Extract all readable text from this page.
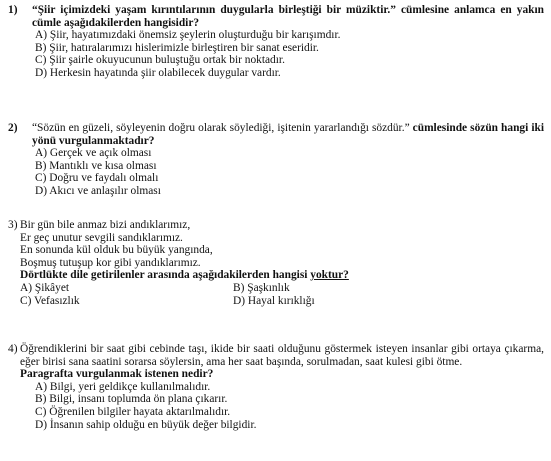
1)	“Şiir içimizdeki yaşam kırıntılarının duygularla birleştiği bir müziktir.” cümlesine anlamca en yakın cümle aşağıdakilerden hangisidir?
A) Şiir, hayatımızdaki önemsiz şeylerin oluşturduğu bir karışımdır.
B) Şiir, hatıralarımızı hislerimizle birleştiren bir sanat eseridir.
C) Şiir şairle okuyucunun buluştuğu ortak bir noktadır.
D) Herkesin hayatında şiir olabilecek duygular vardır.
2)	“Sözün en güzeli, söyleyenin doğru olarak söylediği, işitenin yararlandığı sözdür.” cümlesinde sözün hangi iki yönü vurgulanmaktadır?
A) Gerçek ve açık olması
B) Mantıklı ve kısa olması
C) Doğru ve faydalı olmalı
D) Akıcı ve anlaşılır olması
3) Bir gün bile anmaz bizi andıklarımız,
Er geç unutur sevgili sandıklarımız.
En sonunda kül olduk bu büyük yangında,
Boşmuş tutuşup kor gibi yandıklarımız.
Dörtlükte dile getirilenler arasında aşağıdakilerden hangisi yoktur?
A) Şikâyet	B) Şaşkınlık
C) Vefasızlık	D) Hayal kırıklığı
4) Öğrendiklerini bir saat gibi cebinde taşı, ikide bir saati olduğunu göstermek isteyen insanlar gibi ortaya çıkarma, eğer birisi sana saatini sorarsa söylersin, ama her saat başında, sorulmadan, saat kulesi gibi ötme.
Paragrafta vurgulanmak istenen nedir?
A) Bilgi, yeri geldikçe kullanılmalıdır.
B) Bilgi, insanı toplumda ön plana çıkarır.
C) Öğrenilen bilgiler hayata aktarılmalıdır.
D) İnsanın sahip olduğu en büyük değer bilgidir.
